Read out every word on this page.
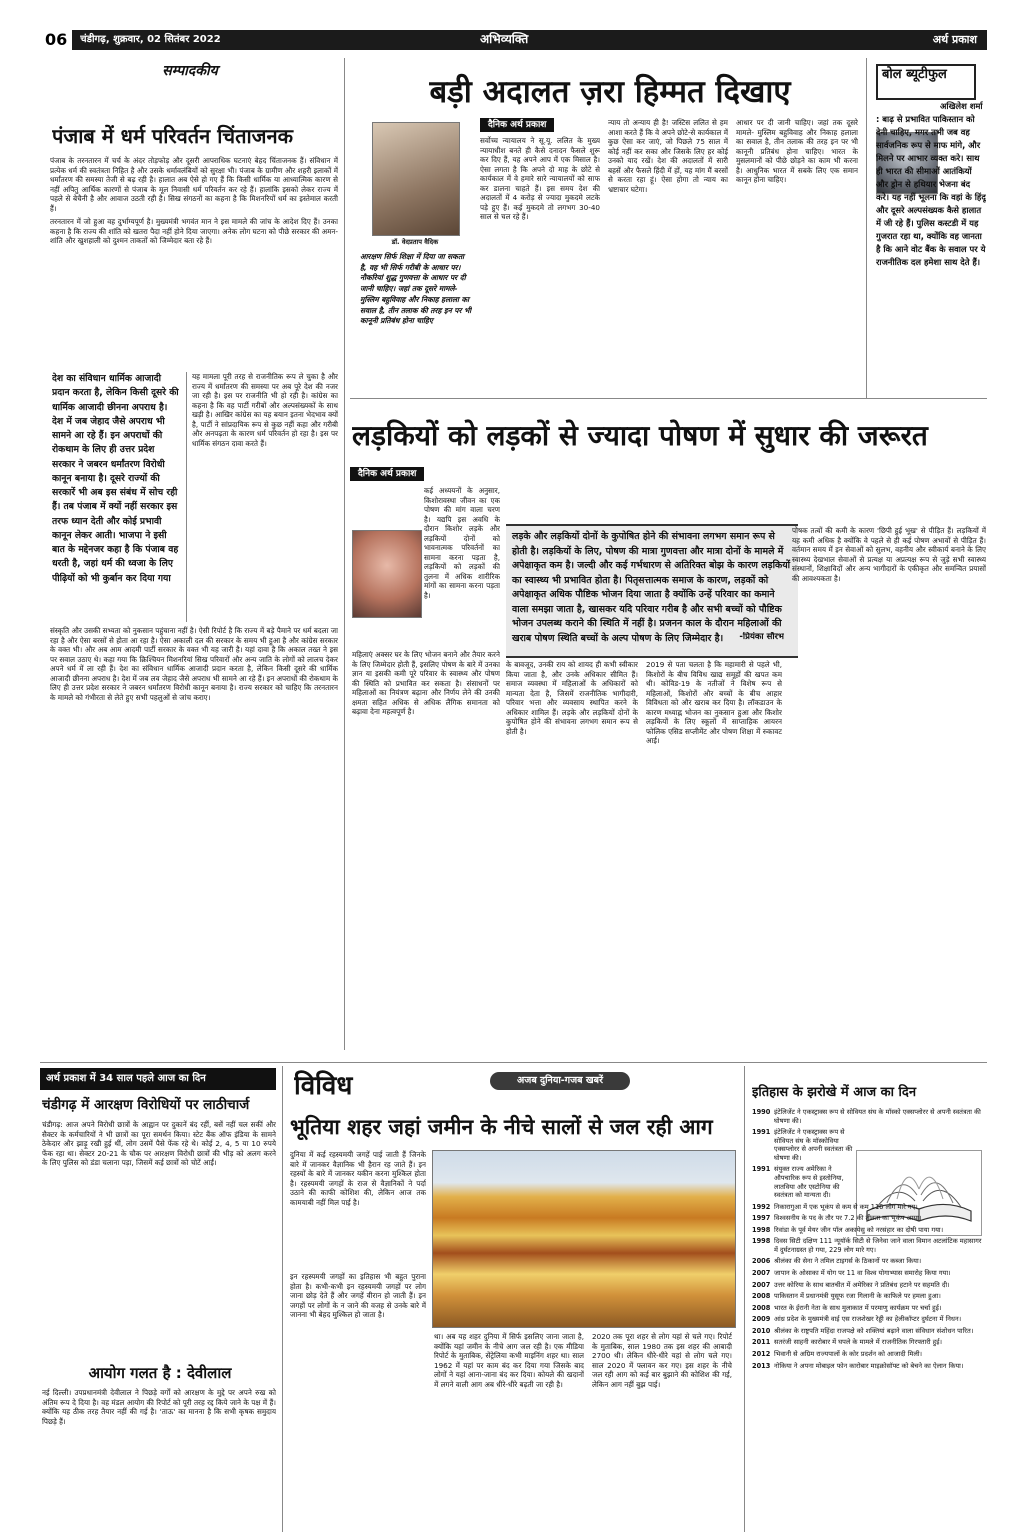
06	चंडीगढ़, शुक्रवार, 02 सितंबर 2022	अभिव्यक्ति	अर्थ प्रकाश
सम्पादकीय
पंजाब में धर्म परिवर्तन चिंताजनक

पंजाब के तरनतारन में चर्च के अंदर तोड़फोड़ और दूसरी आपराधिक घटनाएं बेहद चिंताजनक हैं। संविधान में प्रत्येक धर्म की स्वतंत्रता निहित है और उसके धर्मावलंबियों को सुरक्षा भी। पंजाब के ग्रामीण और शहरी इलाकों में धर्मांतरण की समस्या तेजी से बढ़ रही है। हालात अब ऐसे हो गए हैं कि किसी धार्मिक या आध्यात्मिक कारण से नहीं अपितु आर्थिक कारणों से पंजाब के मूल निवासी धर्म परिवर्तन कर रहे हैं। हालांकि इसको लेकर राज्य में पहले से बेचैनी है और आवाज उठती रही है। सिख संगठनों का कहना है कि मिशनरियों धर्म का इस्तेमाल करती हैं।

तरनतारन में जो हुआ वह दुर्भाग्यपूर्ण है। मुख्यमंत्री भगवंत मान ने इस मामले की जांच के आदेश दिए हैं। उनका कहना है कि राज्य की शांति को खतरा पैदा नहीं होने दिया जाएगा। अनेक लोग घटना को पीछे सरकार की अमन-शांति और खुशहाली को दुश्मन ताकतों को जिम्मेदार बता रहे हैं।

देश का संविधान धार्मिक आजादी प्रदान करता है, लेकिन किसी दूसरे की धार्मिक आजादी छीनना अपराध है। देश में जब जेहाद जैसे अपराध भी सामने आ रहे हैं। इन अपराधों की रोकथाम के लिए ही उत्तर प्रदेश सरकार ने जबरन धर्मांतरण विरोधी कानून बनाया है। दूसरे राज्यों की सरकारें भी अब इस संबंध में सोच रही हैं। तब पंजाब में क्यों नहीं सरकार इस तरफ ध्यान देती और कोई प्रभावी कानून लेकर आती। भाजपा ने इसी बात के मद्देनजर कहा है कि पंजाब वह धरती है, जहां धर्म की ध्वजा के लिए पीढ़ियों को भी कुर्बान कर दिया गया
यह मामला पूरी तरह से राजनीतिक रूप ले चुका है और राज्य में धर्मांतरण की समस्या पर अब पूरे देश की नजर जा रही है। इस पर राजनीति भी हो रही है। कांग्रेस का कहना है कि वह पार्टी गरीबों और अल्पसंख्यकों के साथ खड़ी है। आखिर कांग्रेस का यह बयान इतना भेदभाव क्यों है, पार्टी ने सांप्रदायिक रूप से कुछ नहीं कहा और गरीबी और अनपढ़ता के कारण धर्म परिवर्तन हो रहा है। इस पर धार्मिक संगठन दावा करते हैं।
संस्कृति और उसकी सभ्यता को नुकसान पहुंचाना नहीं है। ऐसी रिपोर्ट है कि राज्य में बड़े पैमाने पर धर्म बदला जा रहा है और ऐसा बरसों से होता आ रहा है। ऐसा अकाली दल की सरकार के समय भी हुआ है और कांग्रेस सरकार के वक्त भी। और अब आम आदमी पार्टी सरकार के वक्त भी यह जारी है। यहां दावा है कि अकाल तख्त ने इस पर सवाल उठाए थे। कहा गया कि क्रिश्चियन मिशनरियां सिख परिवारों और अन्य जाति के लोगों को लालच देकर अपने धर्म में ला रही हैं। देश का संविधान धार्मिक आजादी प्रदान करता है, लेकिन किसी दूसरे की धार्मिक आजादी छीनना अपराध है। देश में जब लव जेहाद जैसे अपराध भी सामने आ रहे हैं। इन अपराधों की रोकथाम के लिए ही उत्तर प्रदेश सरकार ने जबरन धर्मांतरण विरोधी कानून बनाया है। राज्य सरकार को चाहिए कि तरनतारन के मामले को गंभीरता से लेते हुए सभी पहलुओं से जांच कराए।
बड़ी अदालत ज़रा हिम्मत दिखाए
डॉ. वेदप्रताप वैदिक
आरक्षण सिर्फ शिक्षा में दिया जा सकता है, वह भी सिर्फ गरीबी के आधार पर। नौकरियां शुद्ध गुणवत्ता के आधार पर दी जानी चाहिए। जहां तक दूसरे मामले- मुस्लिम बहुविवाह और निकाह हलाला का सवाल है, तीन तलाक की तरह इन पर भी कानूनी प्रतिबंध होना चाहिए
दैनिक अर्थ प्रकाश
सर्वोच्च न्यायालय ने सू.यू. ललित के मुख्य न्यायाधीश बनते ही कैसे दनादन फैसले शुरू कर दिए हैं, यह अपने आप में एक मिसाल है। ऐसा लगता है कि अपने दो माह के छोटे से कार्यकाल में वे हमारे सारे न्यायालयों को साफ कर डालना चाहते हैं। इस समय देश की अदालतों में 4 करोड़ से ज्यादा मुकदमे लटके पड़े हुए हैं। कई मुकदमे तो लगभग 30-40 साल से चल रहे हैं।
न्याय तो अन्याय ही है! जस्टिस ललित से हम आशा करते हैं कि वे अपने छोटे-से कार्यकाल में कुछ ऐसा कर जाएं, जो पिछले 75 साल में कोई नहीं कर सका और जिसके लिए हर कोई उनको याद रखें। देश की अदालतों में सारी बहसें और फैसले हिंदी में हों, यह मांग मैं बरसों से करता रहा हूं। ऐसा होगा तो न्याय का भ्रष्टाचार घटेगा।
आधार पर दी जानी चाहिए। जहां तक दूसरे मामले- मुस्लिम बहुविवाह और निकाह हलाला का सवाल है, तीन तलाक की तरह इन पर भी कानूनी प्रतिबंध होना चाहिए। भारत के मुसलमानों को पीछे छोड़ने का काम भी करना है। आधुनिक भारत में सबके लिए एक समान कानून होना चाहिए।
बोल ब्यूटीफुल
अखिलेश शर्मा : बाढ़ से प्रभावित पाकिस्तान को देनी चाहिए, मगर तभी जब वह सार्वजनिक रूप से माफ मांगे, और मिलने पर आभार व्यक्त करे। साथ ही भारत की सीमाओं आतंकियों और ड्रोन से हथियार भेजना बंद करे। यह नहीं भूलना कि वहां के हिंदू और दूसरे अल्पसंख्यक कैसे हालात में जी रहे हैं। पुलिस कस्टडी में यह गुजरात रहा था, क्योंकि वह जानता है कि आने वोट बैंक के सवाल पर ये राजनीतिक दल हमेशा साथ देते हैं।
लड़कियों को लड़कों से ज्यादा पोषण में सुधार की जरूरत
दैनिक अर्थ प्रकाश
कई अध्ययनों के अनुसार, किशोरावस्था जीवन का एक पोषण की मांग वाला चरण है। यद्यपि इस अवधि के दौरान किशोर लड़के और लड़कियों दोनों को भावनात्मक परिवर्तनों का सामना करना पड़ता है, लड़कियों को लड़कों की तुलना में अधिक शारीरिक मांगों का सामना करना पड़ता है।
महिलाएं अक्सर घर के लिए भोजन बनाने और तैयार करने के लिए जिम्मेदार होती हैं, इसलिए पोषण के बारे में उनका ज्ञान या इसकी कमी पूरे परिवार के स्वास्थ्य और पोषण की स्थिति को प्रभावित कर सकता है। संसाधनों पर महिलाओं का नियंत्रण बढ़ाना और निर्णय लेने की उनकी क्षमता सहित अधिक से अधिक लैंगिक समानता को बढ़ावा देना महत्वपूर्ण है।
लड़के और लड़कियों दोनों के कुपोषित होने की संभावना लगभग समान रूप से होती है। लड़कियों के लिए, पोषण की मात्रा गुणवत्ता और मात्रा दोनों के मामले में अपेक्षाकृत कम है। जल्दी और कई गर्भधारण से अतिरिक्त बोझ के कारण लड़कियों का स्वास्थ्य भी प्रभावित होता है। पितृसत्तात्मक समाज के कारण, लड़कों को अपेक्षाकृत अधिक पौष्टिक भोजन दिया जाता है क्योंकि उन्हें परिवार का कमाने वाला समझा जाता है, खासकर यदि परिवार गरीब है और सभी बच्चों को पौष्टिक भोजन उपलब्ध कराने की स्थिति में नहीं है। प्रजनन काल के दौरान महिलाओं की खराब पोषण स्थिति बच्चों के अल्प पोषण के लिए जिम्मेदार है।	-प्रियंका सौरभ
के बावजूद, उनकी राय को शायद ही कभी स्वीकार किया जाता है, और उनके अधिकार सीमित हैं। समाज व्यवस्था में महिलाओं के अधिकारों को मान्यता देता है, जिसमें राजनीतिक भागीदारी, परिवार भत्ता और व्यवसाय स्थापित करने के अधिकार शामिल हैं। लड़के और लड़कियों दोनों के कुपोषित होने की संभावना लगभग समान रूप से होती है।
2019 से पता चलता है कि महामारी से पहले भी, किशोरों के बीच विविध खाद्य समूहों की खपत कम थी। कोविड-19 के नतीजों ने विशेष रूप से महिलाओं, किशोरों और बच्चों के बीच आहार विविधता को और खराब कर दिया है। लॉकडाउन के कारण मध्याह्न भोजन का नुकसान हुआ और किशोर लड़कियों के लिए स्कूलों में साप्ताहिक आयरन फोलिक एसिड सप्लीमेंट और पोषण शिक्षा में रुकावट आई।
पोषक तत्वों की कमी के कारण 'छिपी हुई भूख' से पीड़ित हैं। लड़कियों में यह कमी अधिक है क्योंकि वे पहले से ही कई पोषण अभावों से पीड़ित हैं। वर्तमान समय में इन सेवाओं को सुलभ, वहनीय और स्वीकार्य बनाने के लिए स्वास्थ्य देखभाल सेवाओं से प्रत्यक्ष या अप्रत्यक्ष रूप से जुड़े सभी स्वास्थ्य संस्थानों, शिक्षाविदों और अन्य भागीदारों के एकीकृत और समन्वित प्रयासों की आवश्यकता है।
अर्थ प्रकाश में 34 साल पहले आज का दिन
चंडीगढ़ में आरक्षण विरोधियों पर लाठीचार्ज
चंडीगढ़: आज अपने विरोधी छात्रों के आह्वान पर दुकानें बंद रहीं, बसें नहीं चल सकीं और सैक्टर के कर्मचारियों ने भी छात्रों का पूरा समर्थन किया। स्टेट बैंक ऑफ इंडिया के सामने ठेकेदार और झाड़ू रखी हुई थीं, लोग उसमें पैसे फेंक रहे थे। कोई 2, 4, 5 या 10 रुपये फेंक रहा था। सेक्टर 20-21 के चौक पर आरक्षण विरोधी छात्रों की भीड़ को अलग करने के लिए पुलिस को डंडा चलाना पड़ा, जिसमें कई छात्रों को चोटें आईं।
आयोग गलत है : देवीलाल
नई दिल्ली। उपप्रधानमंत्री देवीलाल ने पिछड़े वर्गों को आरक्षण के मुद्दे पर अपने रुख को अंतिम रूप दे दिया है। वह मंडल आयोग की रिपोर्ट को पूरी तरह रद्द किये जाने के पक्ष में हैं। क्योंकि यह ठीक तरह तैयार नहीं की गई है। 'ताऊ' का मानना है कि सभी कृषक समुदाय पिछड़े हैं।
विविध	अजब दुनिया-गजब खबरें
भूतिया शहर जहां जमीन के नीचे सालों से जल रही आग
दुनिया में कई रहस्यमयी जगहें पाई जाती हैं जिनके बारे में जानकर वैज्ञानिक भी हैरान रह जाते हैं। इन रहस्यों के बारे में जानकर यकीन करना मुश्किल होता है। रहस्यमयी जगहों के राज से वैज्ञानिकों ने पर्दा उठाने की काफी कोशिश की, लेकिन आज तक कामयाबी नहीं मिल पाई है।
इन रहस्यमयी जगहों का इतिहास भी बहुत पुराना होता है। कभी-कभी इन रहस्यमयी जगहों पर लोग जाना छोड़ देते हैं और जगहें वीरान हो जाती हैं। इन जगहों पर लोगों के न जाने की वजह से उनके बारे में जानना भी बेहद मुश्किल हो जाता है।
था। अब यह शहर दुनिया में सिर्फ इसलिए जाना जाता है, क्योंकि यहां जमीन के नीचे आग जल रही है। एक मीडिया रिपोर्ट के मुताबिक, सेंट्रेलिया कभी माइनिंग शहर था। साल 1962 में यहां पर काम बंद कर दिया गया जिसके बाद लोगों ने यहां आना-जाना बंद कर दिया। कोयले की खदानों में लगने वाली आग अब धीरे-धीरे बढ़ती जा रही है।
2020 तक पूरा शहर से लोग यहां से चले गए। रिपोर्ट के मुताबिक, साल 1980 तक इस शहर की आबादी 2700 थी। लेकिन धीरे-धीरे यहां से लोग चले गए। साल 2020 में फ्लावन कर गए। इस शहर के नीचे जल रही आग को कई बार बुझाने की कोशिश की गई, लेकिन आग नहीं बुझ पाई।
इतिहास के झरोखे में आज का दिन
1990 इंटेलिजेंट ने एकस्ट्राक्स रूप से सोवियत संघ के मॉस्को एक्सप्लोरर से अपनी स्वतंत्रता की घोषणा की।
1991 इंटेलिजेंट ने एकस्ट्राक्स रूप से सोवियत संघ के मॉस्कोविया एक्सप्लोरर से अपनी स्वतंत्रता की घोषणा की।
1991 संयुक्त राज्य अमेरिका ने औपचारिक रूप से इस्तोनिया, लातविया और एस्टोनिया की स्वतंत्रता को मान्यता दी।
1992 निकारागुआ में एक भूकंप से कम से कम 116 लोग मारे गए।
1997 विश्वसनीय के पद के तौर पर 7.2 की तीव्रता का भूकंप आया।
1998 रिवांडा के पूर्व मेयर जीन पॉल अकायेसु को नरसंहार का दोषी पाया गया।
1998 दिवस सिटी दक्षिण 111 न्यूयॉर्क सिटी से जिनेवा जाने वाला विमान अटलांटिक महासागर में दुर्घटनाग्रस्त हो गया, 229 लोग मारे गए।
2006 श्रीलंका की सेना ने तमिल टाइगर्स के ठिकानों पर कब्जा किया।
2007 जापान के ओसाका में योग पर 11 वा विश्व योगाभ्यास समारोह किया गया।
2007 उत्तर कोरिया के साथ बातचीत में अमेरिका ने प्रतिबंध हटाने पर सहमति दी।
2008 पाकिस्तान में प्रधानमंत्री युसूफ रजा गिलानी के काफिले पर हमला हुआ।
2008 भारत के ईरानी नेता के साथ मुलाकात में परमाणु कार्यक्रम पर चर्चा हुई।
2009 आंध्र प्रदेश के मुख्यमंत्री वाई एस राजशेखर रेड्डी का हेलीकॉप्टर दुर्घटना में निधन।
2010 श्रीलंका के राष्ट्रपति महिंदा राजपक्षे को शक्तियां बढ़ाने वाला संविधान संशोधन पारित।
2011 सतरंजी साहनी कारोबार में घपले के मामले में राजनीतिक गिरफ्तारी हुई।
2012 भिवानी से अग्रिम राज्यपालों के कोर प्रदर्शन को आजादी मिली।
2013 नोकिया ने अपना मोबाइल फोन कारोबार माइक्रोसॉफ्ट को बेचने का ऐलान किया।
